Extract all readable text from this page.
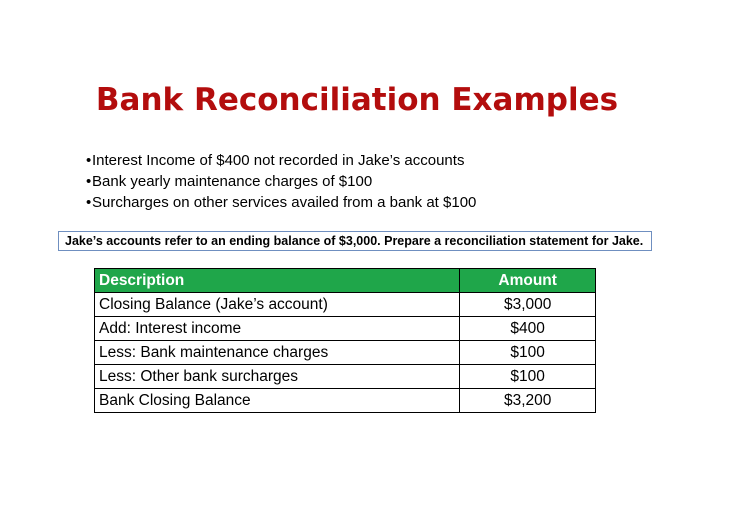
Bank Reconciliation Examples
•Interest Income of $400 not recorded in Jake’s accounts
•Bank yearly maintenance charges of $100
•Surcharges on other services availed from a bank at $100
Jake’s accounts refer to an ending balance of $3,000. Prepare a reconciliation statement for Jake.
Description	Amount
Closing Balance (Jake’s account)	$3,000
Add: Interest income	$400
Less: Bank maintenance charges	$100
Less: Other bank surcharges	$100
Bank Closing Balance	$3,200
